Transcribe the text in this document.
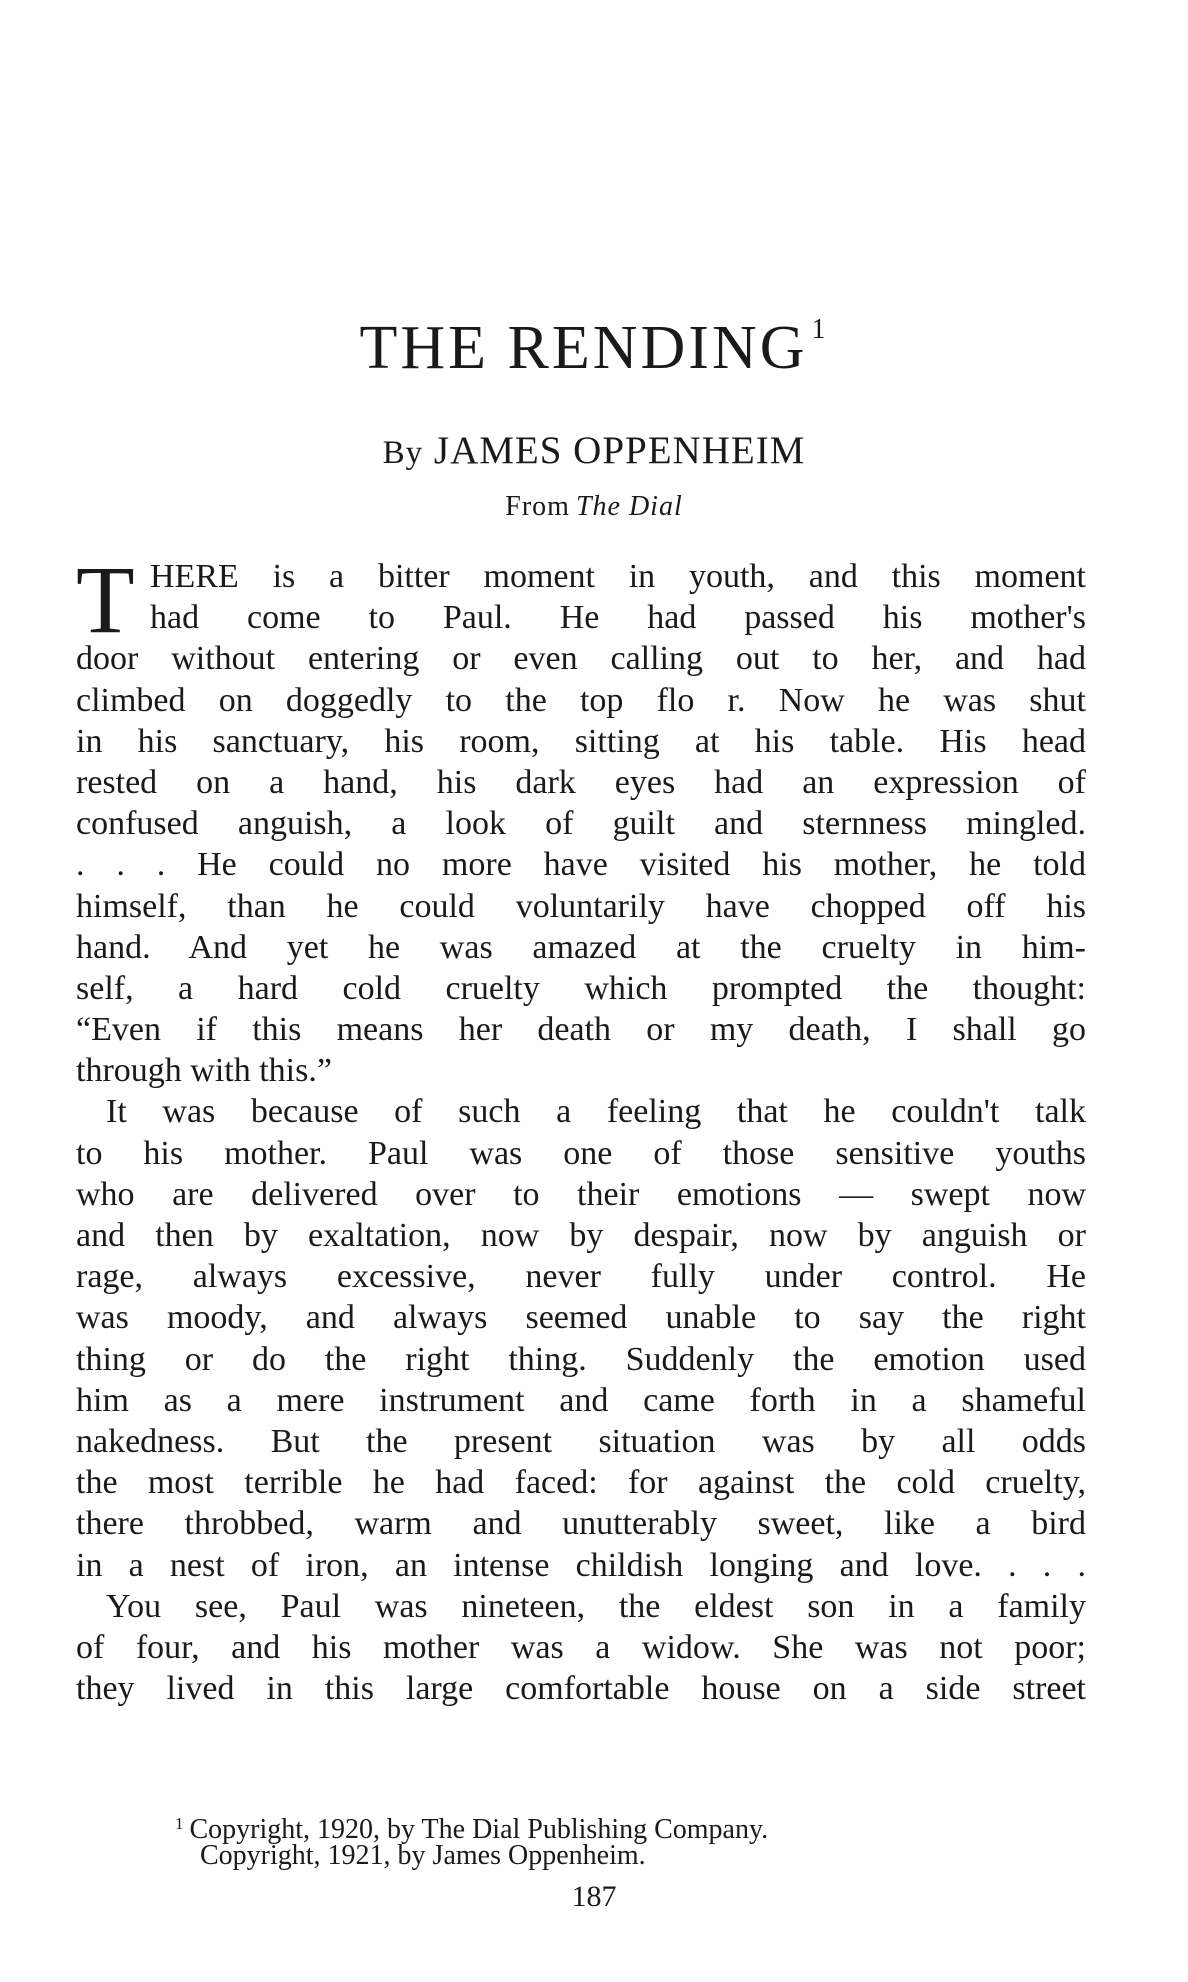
THE RENDING $^1$
By JAMES OPPENHEIM
From The Dial
T HERE is a bitter moment in youth, and this moment
had come to Paul. He had passed his mother's
door without entering or even calling out to her, and had
climbed on doggedly to the top flo r. Now he was shut
in his sanctuary, his room, sitting at his table. His head
rested on a hand, his dark eyes had an expression of
confused anguish, a look of guilt and sternness mingled.
. . . He could no more have visited his mother, he told
himself, than he could voluntarily have chopped off his
hand. And yet he was amazed at the cruelty in him-
self, a hard cold cruelty which prompted the thought:
“Even if this means her death or my death, I shall go
through with this.”
It was because of such a feeling that he couldn't talk
to his mother. Paul was one of those sensitive youths
who are delivered over to their emotions — swept now
and then by exaltation, now by despair, now by anguish or
rage, always excessive, never fully under control. He
was moody, and always seemed unable to say the right
thing or do the right thing. Suddenly the emotion used
him as a mere instrument and came forth in a shameful
nakedness. But the present situation was by all odds
the most terrible he had faced: for against the cold cruelty,
there throbbed, warm and unutterably sweet, like a bird
in a nest of iron, an intense childish longing and love. . . .
You see, Paul was nineteen, the eldest son in a family
of four, and his mother was a widow. She was not poor;
they lived in this large comfortable house on a side street
$^1$ Copyright, 1920, by The Dial Publishing Company.
Copyright, 1921, by James Oppenheim.
187
